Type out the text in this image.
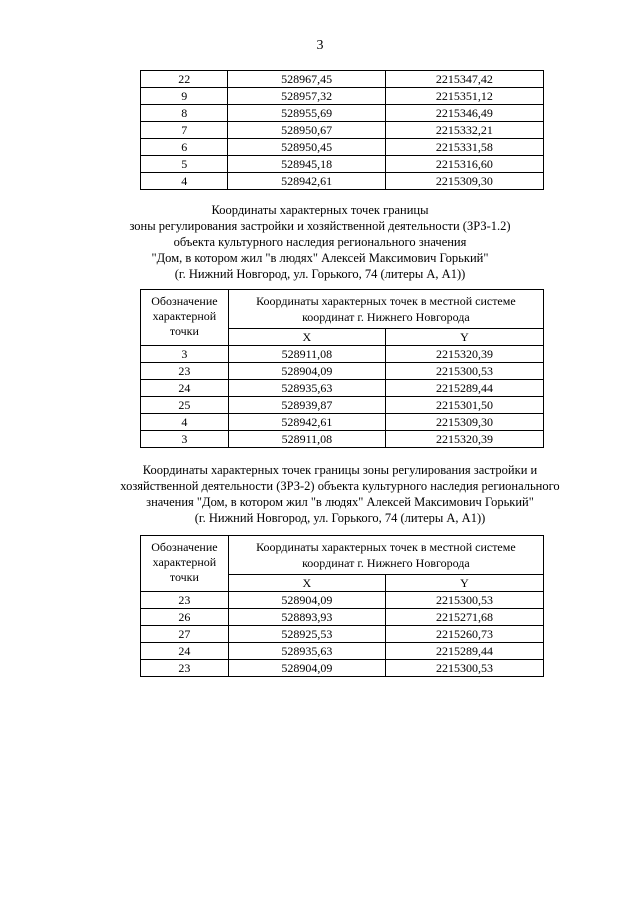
3
22	528967,45	2215347,42
9	528957,32	2215351,12
8	528955,69	2215346,49
7	528950,67	2215332,21
6	528950,45	2215331,58
5	528945,18	2215316,60
4	528942,61	2215309,30
Координаты характерных точек границы
зоны регулирования застройки и хозяйственной деятельности (ЗРЗ-1.2)
объекта культурного наследия регионального значения
"Дом, в котором жил "в людях" Алексей Максимович Горький"
(г. Нижний Новгород, ул. Горького, 74 (литеры А, А1))
Обозначение характерной точки	Координаты характерных точек в местной системе координат г. Нижнего Новгорода	
	X	Y
3	528911,08	2215320,39
23	528904,09	2215300,53
24	528935,63	2215289,44
25	528939,87	2215301,50
4	528942,61	2215309,30
3	528911,08	2215320,39
Координаты характерных точек границы зоны регулирования застройки и
хозяйственной деятельности (ЗРЗ-2) объекта культурного наследия регионального
значения "Дом, в котором жил "в людях" Алексей Максимович Горький"
(г. Нижний Новгород, ул. Горького, 74 (литеры А, А1))
Обозначение характерной точки	Координаты характерных точек в местной системе координат г. Нижнего Новгорода	
	X	Y
23	528904,09	2215300,53
26	528893,93	2215271,68
27	528925,53	2215260,73
24	528935,63	2215289,44
23	528904,09	2215300,53
